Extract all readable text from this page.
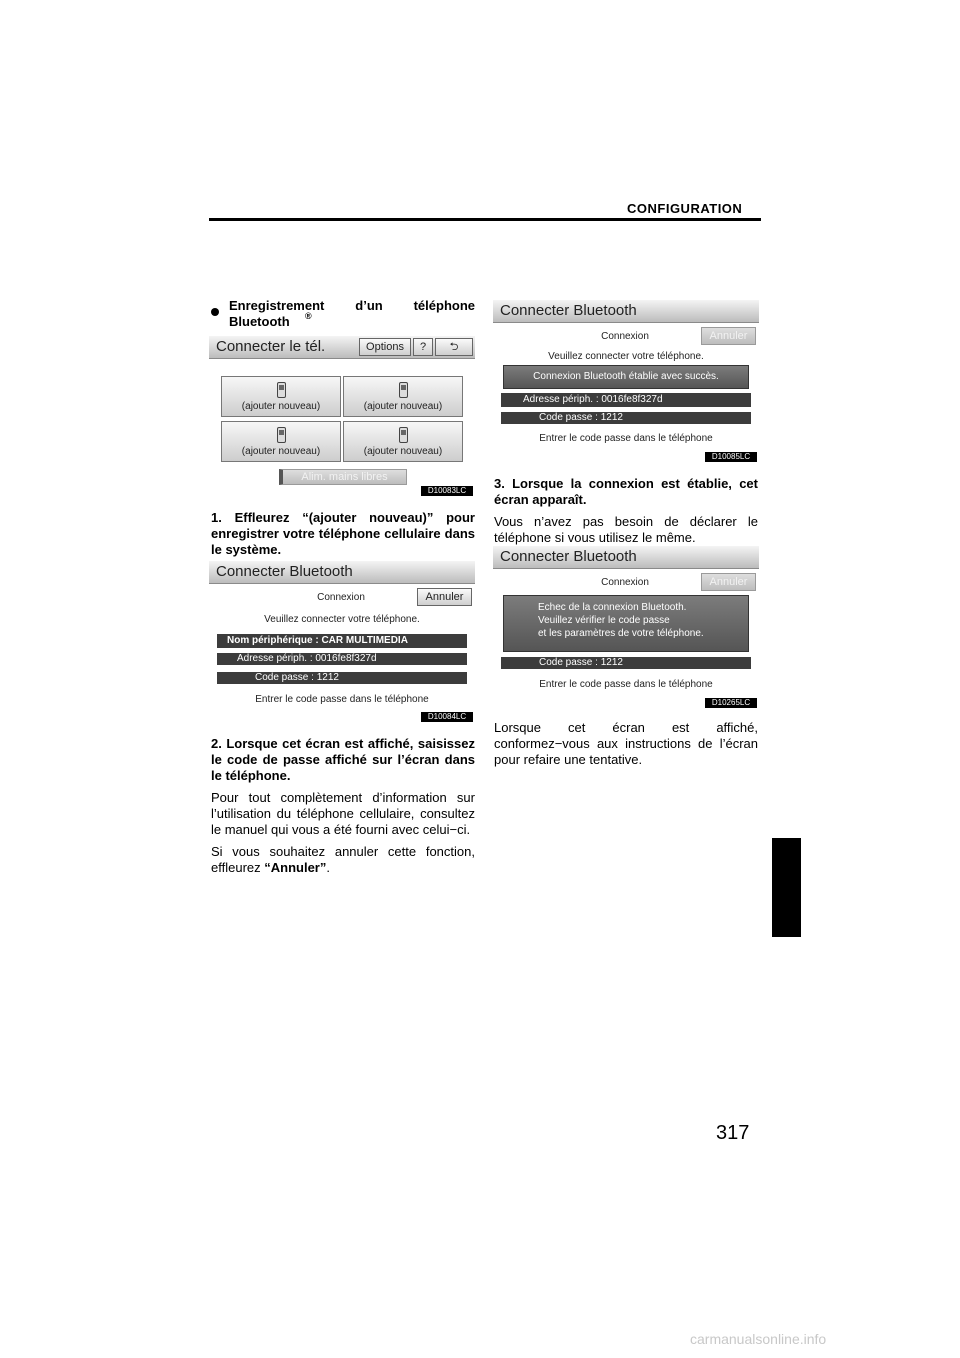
CONFIGURATION
317
carmanualsonline.info
Enregistrement d’un téléphone Bluetooth	®
Connecter le tél.	Options	?	⮌
(ajouter nouveau)	(ajouter nouveau)
(ajouter nouveau)	(ajouter nouveau)
Alim. mains libres
D10083LC
1. Effleurez “(ajouter nouveau)” pour enregistrer votre téléphone cellulaire dans le système.
Connecter Bluetooth
Connexion	Annuler
Veuillez connecter votre téléphone.
Nom périphérique : CAR MULTIMEDIA
Adresse périph. : 0016fe8f327d
Code passe : 1212
Entrer le code passe dans le téléphone
D10084LC
2. Lorsque cet écran est affiché, saisissez le code de passe affiché sur l’écran dans le téléphone.
Pour tout complètement d’information sur l’utilisation du téléphone cellulaire, consultez le manuel qui vous a été fourni avec celui−ci.
Si vous souhaitez annuler cette fonction, effleurez “Annuler”.
Connecter Bluetooth
Connexion	Annuler
Veuillez connecter votre téléphone.
Connexion Bluetooth établie avec succès.
Adresse périph. : 0016fe8f327d
Code passe : 1212
Entrer le code passe dans le téléphone
D10085LC
3. Lorsque la connexion est établie, cet écran apparaît.
Vous n’avez pas besoin de déclarer le téléphone si vous utilisez le même.
Connecter Bluetooth
Connexion	Annuler
Echec de la connexion Bluetooth.
Veuillez vérifier le code passe
et les paramètres de votre téléphone.
Code passe : 1212
Entrer le code passe dans le téléphone
D10265LC
Lorsque cet écran est affiché, conformez−vous aux instructions de l’écran pour refaire une tentative.
